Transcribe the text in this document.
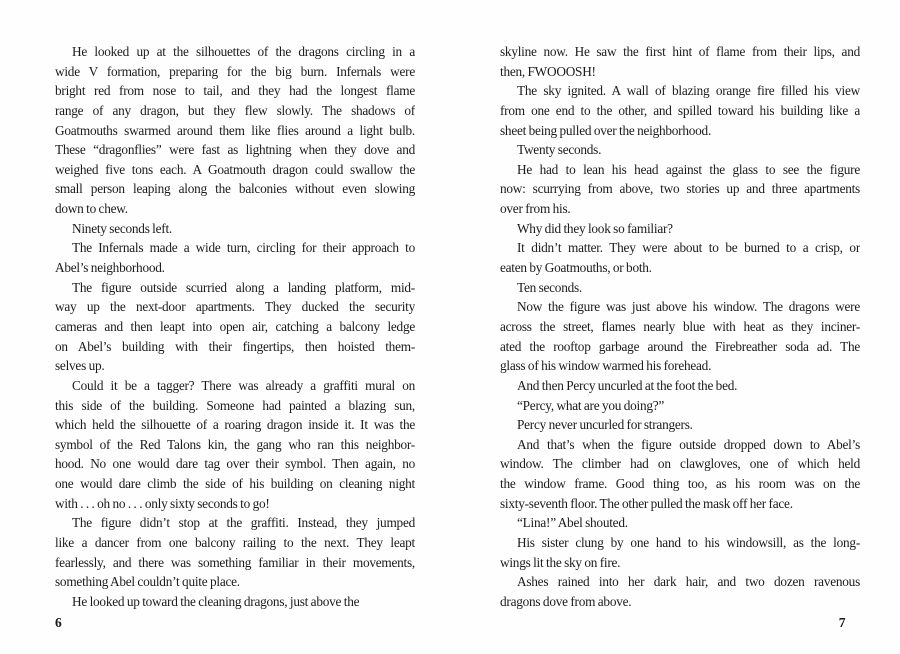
He looked up at the silhouettes of the dragons circling in a
wide V formation, preparing for the big burn. Infernals were
bright red from nose to tail, and they had the longest flame
range of any dragon, but they flew slowly. The shadows of
Goatmouths swarmed around them like flies around a light bulb.
These “dragonflies” were fast as lightning when they dove and
weighed five tons each. A Goatmouth dragon could swallow the
small person leaping along the balconies without even slowing
down to chew.
Ninety seconds left.
The Infernals made a wide turn, circling for their approach to
Abel’s neighborhood.
The figure outside scurried along a landing platform, mid-
way up the next-door apartments. They ducked the security
cameras and then leapt into open air, catching a balcony ledge
on Abel’s building with their fingertips, then hoisted them-
selves up.
Could it be a tagger? There was already a graffiti mural on
this side of the building. Someone had painted a blazing sun,
which held the silhouette of a roaring dragon inside it. It was the
symbol of the Red Talons kin, the gang who ran this neighbor-
hood. No one would dare tag over their symbol. Then again, no
one would dare climb the side of his building on cleaning night
with . . . oh no . . . only sixty seconds to go!
The figure didn’t stop at the graffiti. Instead, they jumped
like a dancer from one balcony railing to the next. They leapt
fearlessly, and there was something familiar in their movements,
something Abel couldn’t quite place.
He looked up toward the cleaning dragons, just above the
6
skyline now. He saw the first hint of flame from their lips, and
then, FWOOOSH!
The sky ignited. A wall of blazing orange fire filled his view
from one end to the other, and spilled toward his building like a
sheet being pulled over the neighborhood.
Twenty seconds.
He had to lean his head against the glass to see the figure
now: scurrying from above, two stories up and three apartments
over from his.
Why did they look so familiar?
It didn’t matter. They were about to be burned to a crisp, or
eaten by Goatmouths, or both.
Ten seconds.
Now the figure was just above his window. The dragons were
across the street, flames nearly blue with heat as they inciner-
ated the rooftop garbage around the Firebreather soda ad. The
glass of his window warmed his forehead.
And then Percy uncurled at the foot the bed.
“Percy, what are you doing?”
Percy never uncurled for strangers.
And that’s when the figure outside dropped down to Abel’s
window. The climber had on clawgloves, one of which held
the window frame. Good thing too, as his room was on the
sixty-seventh floor. The other pulled the mask off her face.
“Lina!” Abel shouted.
His sister clung by one hand to his windowsill, as the long-
wings lit the sky on fire.
Ashes rained into her dark hair, and two dozen ravenous
dragons dove from above.
7
